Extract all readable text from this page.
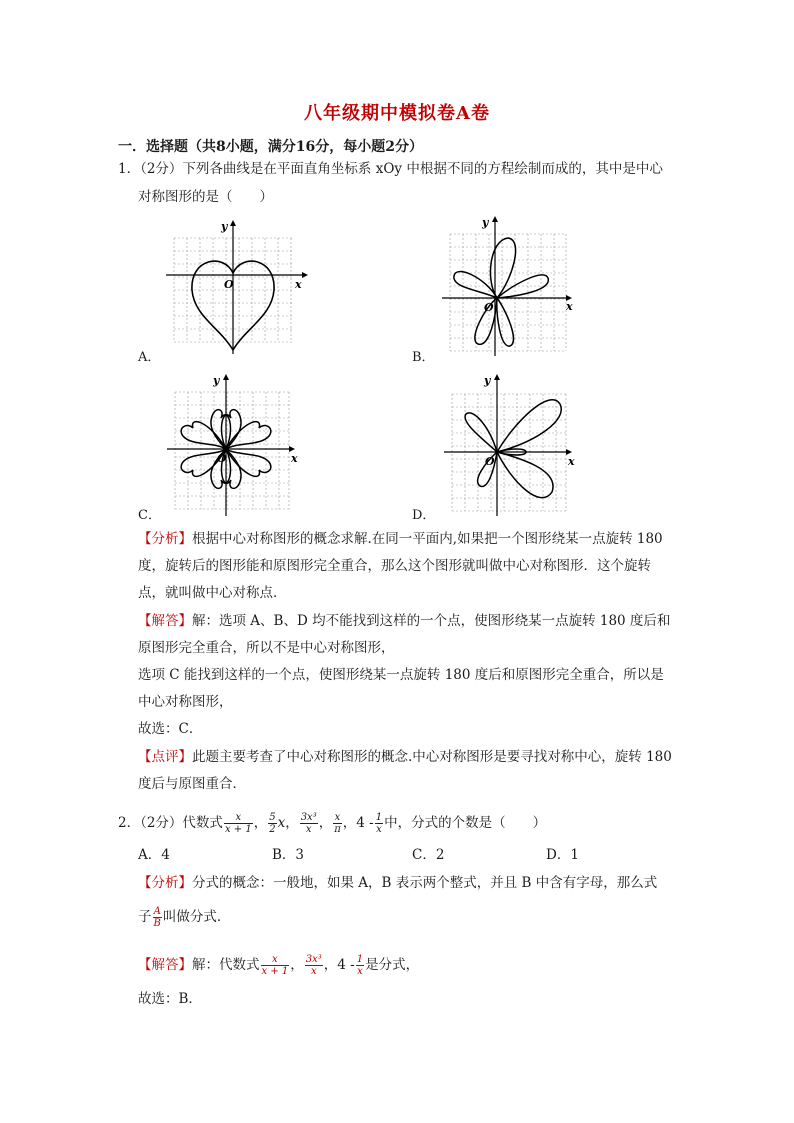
八年级期中模拟卷A卷
一．选择题（共8小题，满分16分，每小题2分）
1．（2分）下列各曲线是在平面直角坐标系 xOy 中根据不同的方程绘制而成的，其中是中心
对称图形的是（　　）
O	x
y
A．
O	x
y
B．
O	x
y
C．
O	x
y
D．
【分析】根据中心对称图形的概念求解.在同一平面内,如果把一个图形绕某一点旋转 180
度，旋转后的图形能和原图形完全重合，那么这个图形就叫做中心对称图形．这个旋转
点，就叫做中心对称点．
【解答】解：选项 A、B、D 均不能找到这样的一个点，使图形绕某一点旋转 180 度后和
原图形完全重合，所以不是中心对称图形，
选项 C 能找到这样的一个点，使图形绕某一点旋转 180 度后和原图形完全重合，所以是
中心对称图形，
故选：C．
【点评】此题主要考查了中心对称图形的概念.中心对称图形是要寻找对称中心，旋转 180
度后与原图重合．
2．（2分）代数式 $\frac{x}{x + 1}$ ， $\frac{5}{2}$ x， $\frac{\text{3x³}}{x}$ ， $\frac{x}{\pi}$ ，$4 - \frac{1}{x}$ 中，分式的个数是（　　）
A．4	B．3	C．2	D．1
【分析】分式的概念：一般地，如果 A，B 表示两个整式，并且 B 中含有字母，那么式
子 $\frac{A}{B}$ 叫做分式．
【解答】解：代数式 $\frac{x}{x + 1}$ ， $\frac{\text{3x³}}{x}$ ，$4 - \frac{1}{x}$ 是分式，
故选：B．
